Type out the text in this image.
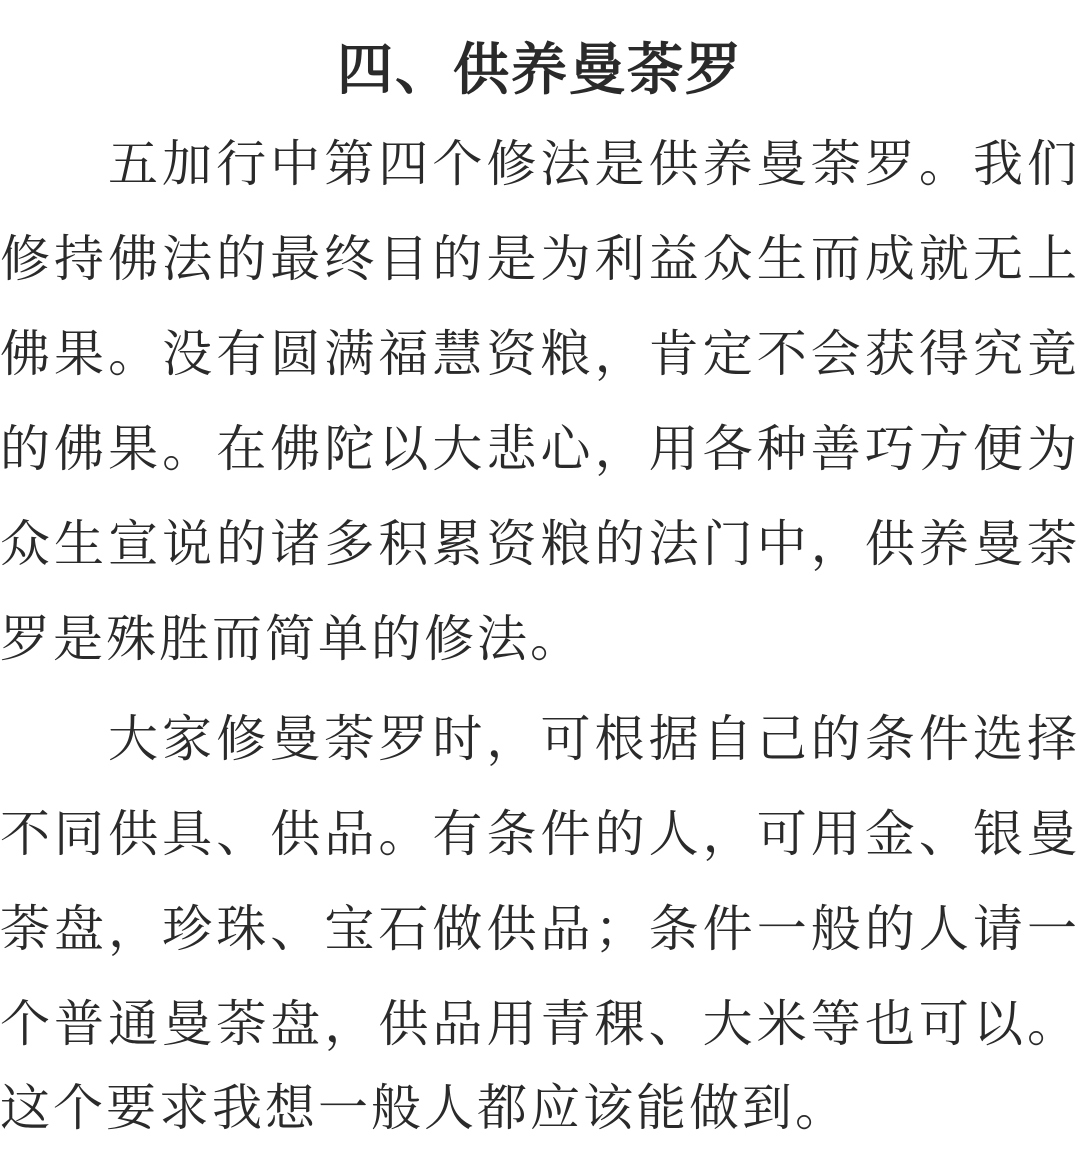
四、供养曼荼罗
五加行中第四个修法是供养曼荼罗。我们
修持佛法的最终目的是为利益众生而成就无上
佛果。没有圆满福慧资粮，肯定不会获得究竟
的佛果。在佛陀以大悲心，用各种善巧方便为
众生宣说的诸多积累资粮的法门中，供养曼荼
罗是殊胜而简单的修法。
大家修曼荼罗时，可根据自己的条件选择
不同供具、供品。有条件的人，可用金、银曼
荼盘，珍珠、宝石做供品；条件一般的人请一
个普通曼荼盘，供品用青稞、大米等也可以。
这个要求我想一般人都应该能做到。
